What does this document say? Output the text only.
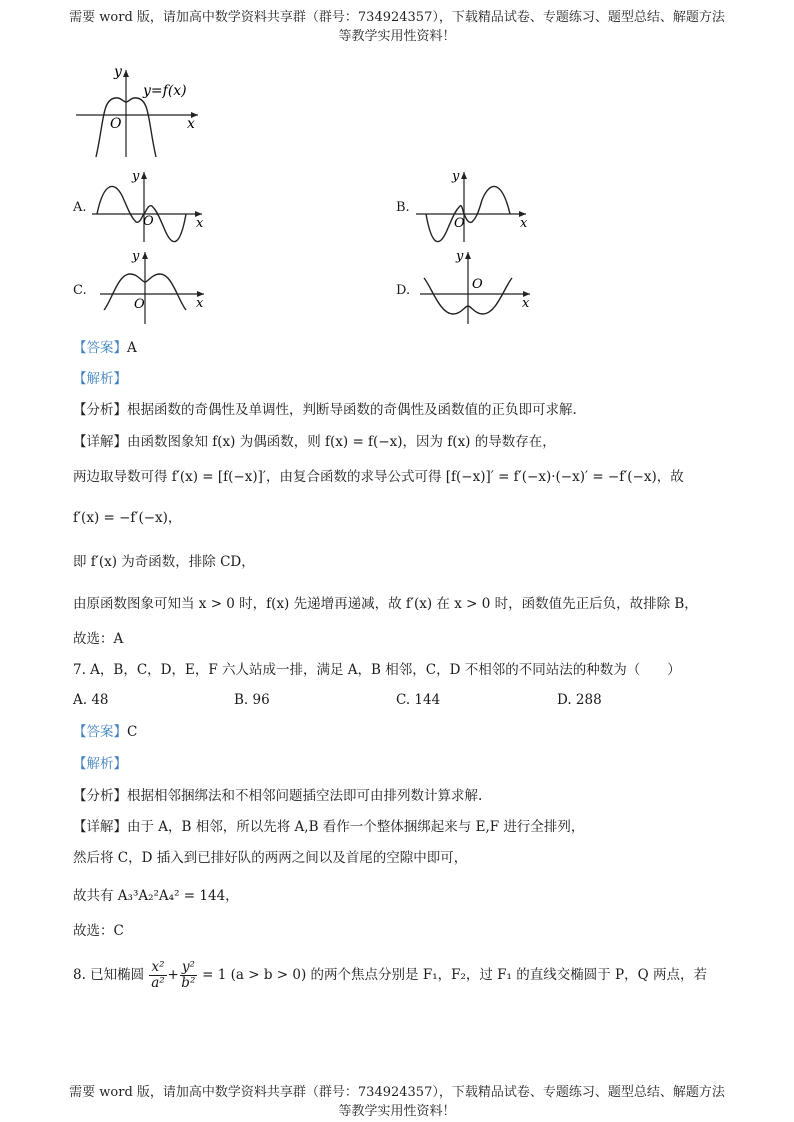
需要 word 版，请加高中数学资料共享群（群号：734924357），下载精品试卷、专题练习、题型总结、解题方法
等教学实用性资料！
y
x
O
y=f(x)
A.
y
x
O
B.
y
x
O
C.
y
x
O
D.
y
x
O
【答案】A
【解析】
【分析】根据函数的奇偶性及单调性，判断导函数的奇偶性及函数值的正负即可求解.
【详解】由函数图象知 f(x) 为偶函数，则 f(x) = f(−x)，因为 f(x) 的导数存在，
两边取导数可得 f′(x) = [f(−x)]′，由复合函数的求导公式可得 [f(−x)]′ = f′(−x)·(−x)′ = −f′(−x)，故
f′(x) = −f′(−x)，
即 f′(x) 为奇函数，排除 CD，
由原函数图象可知当 x > 0 时，f(x) 先递增再递减，故 f′(x) 在 x > 0 时，函数值先正后负，故排除 B，
故选：A
7. A，B，C，D，E，F 六人站成一排，满足 A，B 相邻，C，D 不相邻的不同站法的种数为（　　）
A. 48	B. 96	C. 144	D. 288
【答案】C
【解析】
【分析】根据相邻捆绑法和不相邻问题插空法即可由排列数计算求解.
【详解】由于 A，B 相邻，所以先将 A,B 看作一个整体捆绑起来与 E,F 进行全排列，
然后将 C，D 插入到已排好队的两两之间以及首尾的空隙中即可，
故共有 A₃³A₂²A₄² = 144，
故选：C
8. 已知椭圆 $\frac{\text{x²}}{\text{a²}} + \frac{\text{y²}}{\text{b²}} = 1$ (a > b > 0) 的两个焦点分别是 F₁，F₂，过 F₁ 的直线交椭圆于 P，Q 两点，若
需要 word 版，请加高中数学资料共享群（群号：734924357），下载精品试卷、专题练习、题型总结、解题方法
等教学实用性资料！
